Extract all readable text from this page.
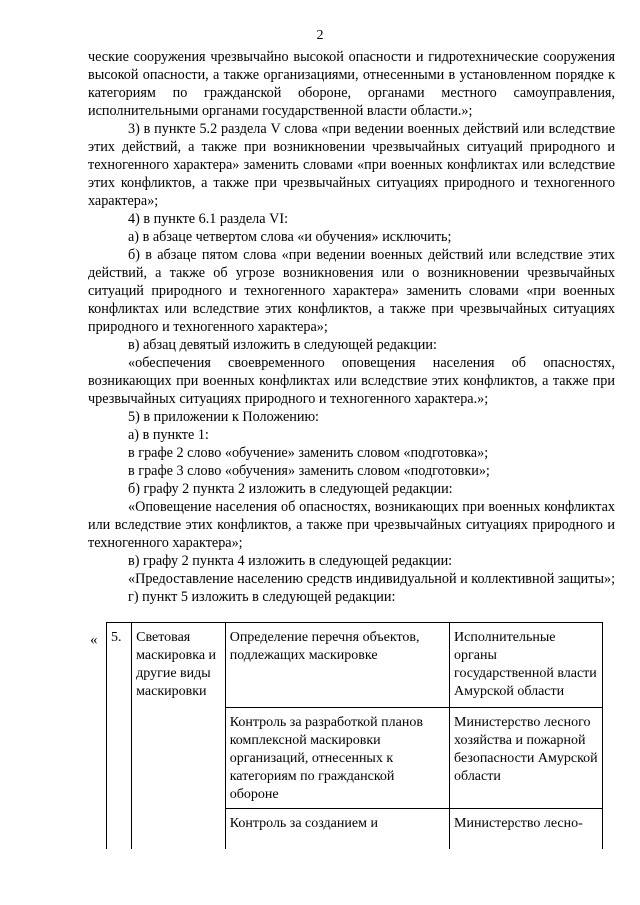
2

ческие сооружения чрезвычайно высокой опасности и гидротехнические сооружения высокой опасности, а также организациями, отнесенными в установленном порядке к категориям по гражданской обороне, органами местного самоуправления, исполнительными органами государственной власти области.»;

3) в пункте 5.2 раздела V слова «при ведении военных действий или вследствие этих действий, а также при возникновении чрезвычайных ситуаций природного и техногенного характера» заменить словами «при военных конфликтах или вследствие этих конфликтов, а также при чрезвычайных ситуациях природного и техногенного характера»;

4) в пункте 6.1 раздела VI:

а) в абзаце четвертом слова «и обучения» исключить;

б) в абзаце пятом слова «при ведении военных действий или вследствие этих действий, а также об угрозе возникновения или о возникновении чрезвычайных ситуаций природного и техногенного характера» заменить словами «при военных конфликтах или вследствие этих конфликтов, а также при чрезвычайных ситуациях природного и техногенного характера»;

в) абзац девятый изложить в следующей редакции:

«обеспечения своевременного оповещения населения об опасностях, возникающих при военных конфликтах или вследствие этих конфликтов, а также при чрезвычайных ситуациях природного и техногенного характера.»;

5) в приложении к Положению:

а) в пункте 1:

в графе 2 слово «обучение» заменить словом «подготовка»;

в графе 3 слово «обучения» заменить словом «подготовки»;

б) графу 2 пункта 2 изложить в следующей редакции:

«Оповещение населения об опасностях, возникающих при военных конфликтах или вследствие этих конфликтов, а также при чрезвычайных ситуациях природного и техногенного характера»;

в) графу 2 пункта 4 изложить в следующей редакции:

«Предоставление населению средств индивидуальной и коллективной защиты»;

г) пункт 5 изложить в следующей редакции:

« 5.	Световая маскировка и другие виды маскировки	Определение перечня объектов, подлежащих маскировке	Исполнительные органы государственной власти Амурской области
		Контроль за разработкой планов комплексной маскировки организаций, отнесенных к категориям по гражданской обороне	Министерство лесного хозяйства и пожарной безопасности Амурской области
		Контроль за созданием и	Министерство лесно-
